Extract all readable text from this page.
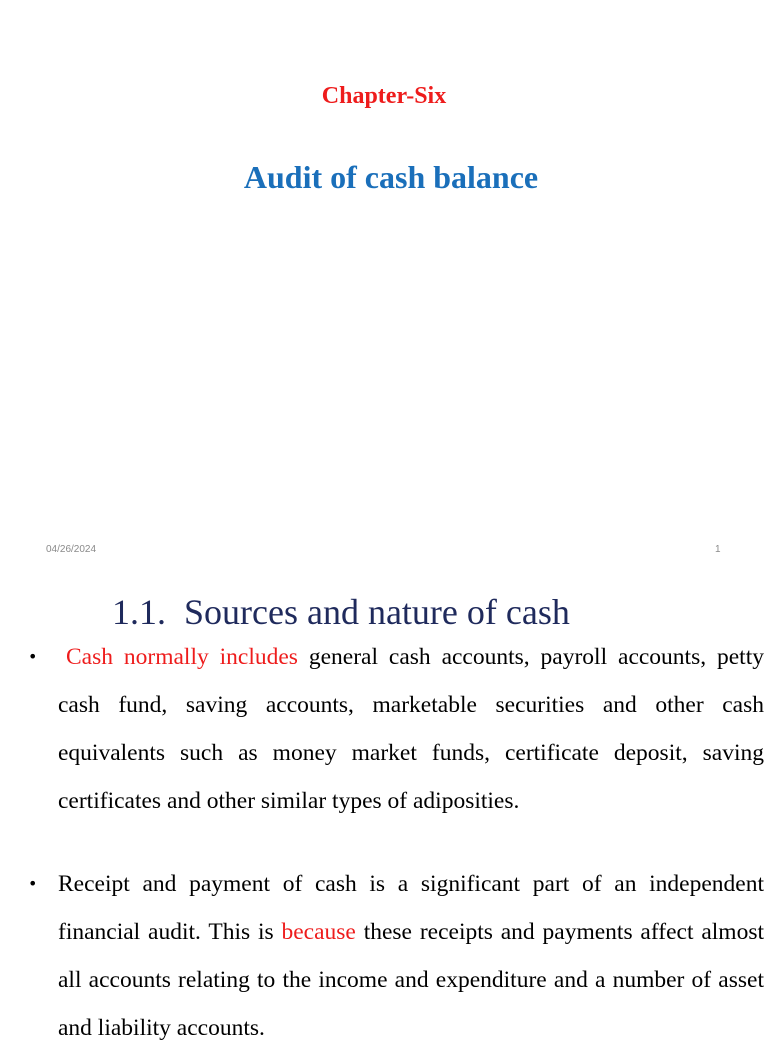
Chapter-Six
Audit of cash balance
04/26/2024	1
1.1. Sources and nature of cash
• Cash normally includes general cash accounts, payroll accounts, petty cash fund, saving accounts, marketable securities and other cash equivalents such as money market funds, certificate deposit, saving certificates and other similar types of adiposities.
• Receipt and payment of cash is a significant part of an independent financial audit. This is because these receipts and payments affect almost all accounts relating to the income and expenditure and a number of asset and liability accounts.
